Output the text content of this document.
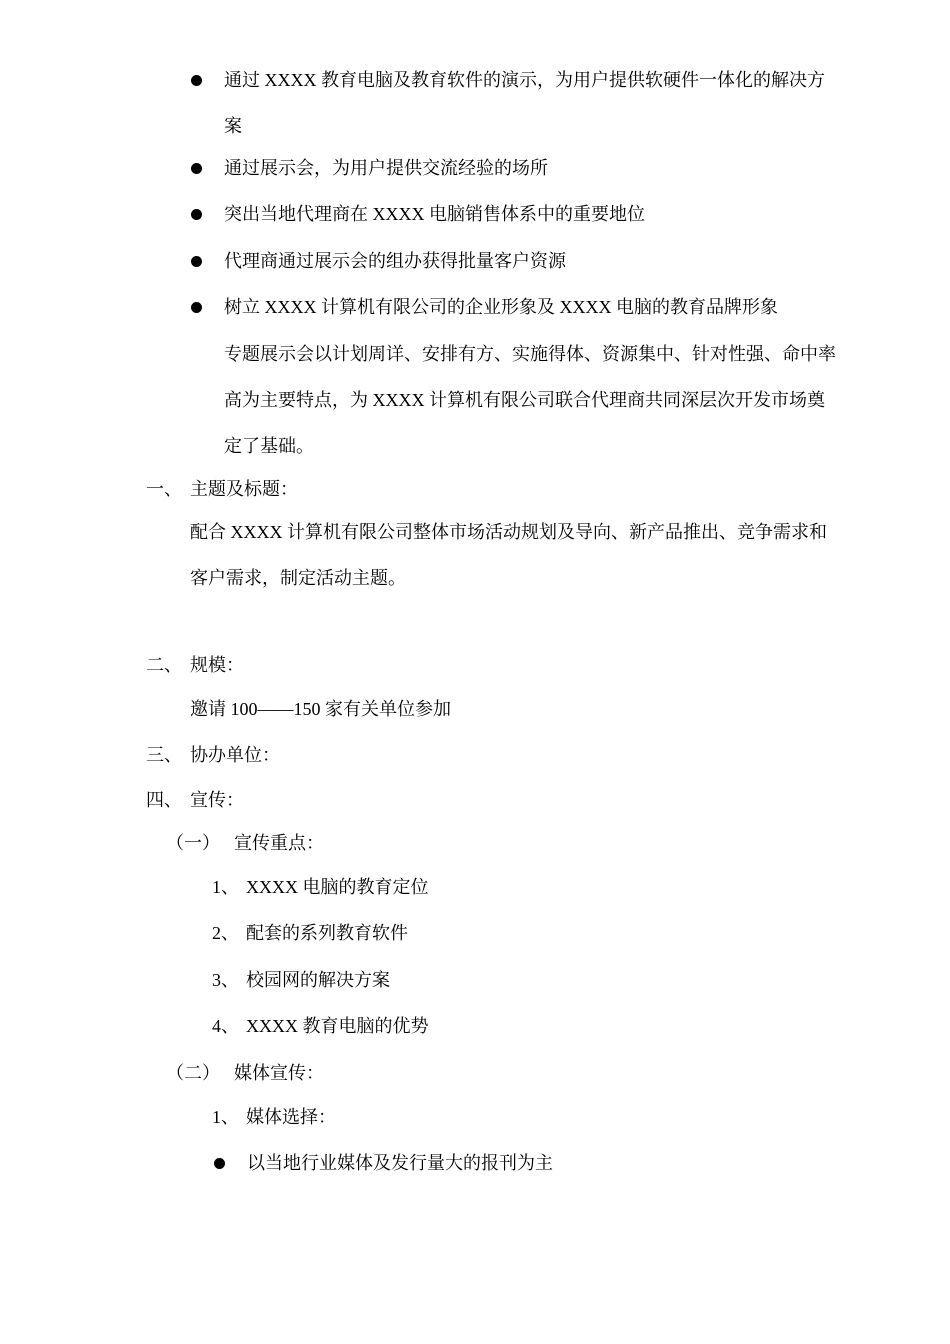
通过 XXXX 教育电脑及教育软件的演示，为用户提供软硬件一体化的解决方
案
通过展示会，为用户提供交流经验的场所
突出当地代理商在 XXXX 电脑销售体系中的重要地位
代理商通过展示会的组办获得批量客户资源
树立 XXXX 计算机有限公司的企业形象及 XXXX 电脑的教育品牌形象
专题展示会以计划周详、安排有方、实施得体、资源集中、针对性强、命中率
高为主要特点，为 XXXX 计算机有限公司联合代理商共同深层次开发市场奠
定了基础。
一、 主题及标题：
配合 XXXX 计算机有限公司整体市场活动规划及导向、新产品推出、竞争需求和
客户需求，制定活动主题。
二、 规模：
邀请 100——150 家有关单位参加
三、 协办单位：
四、 宣传：
（一） 宣传重点：
1、 XXXX 电脑的教育定位
2、 配套的系列教育软件
3、 校园网的解决方案
4、 XXXX 教育电脑的优势
（二） 媒体宣传：
1、 媒体选择：
以当地行业媒体及发行量大的报刊为主
